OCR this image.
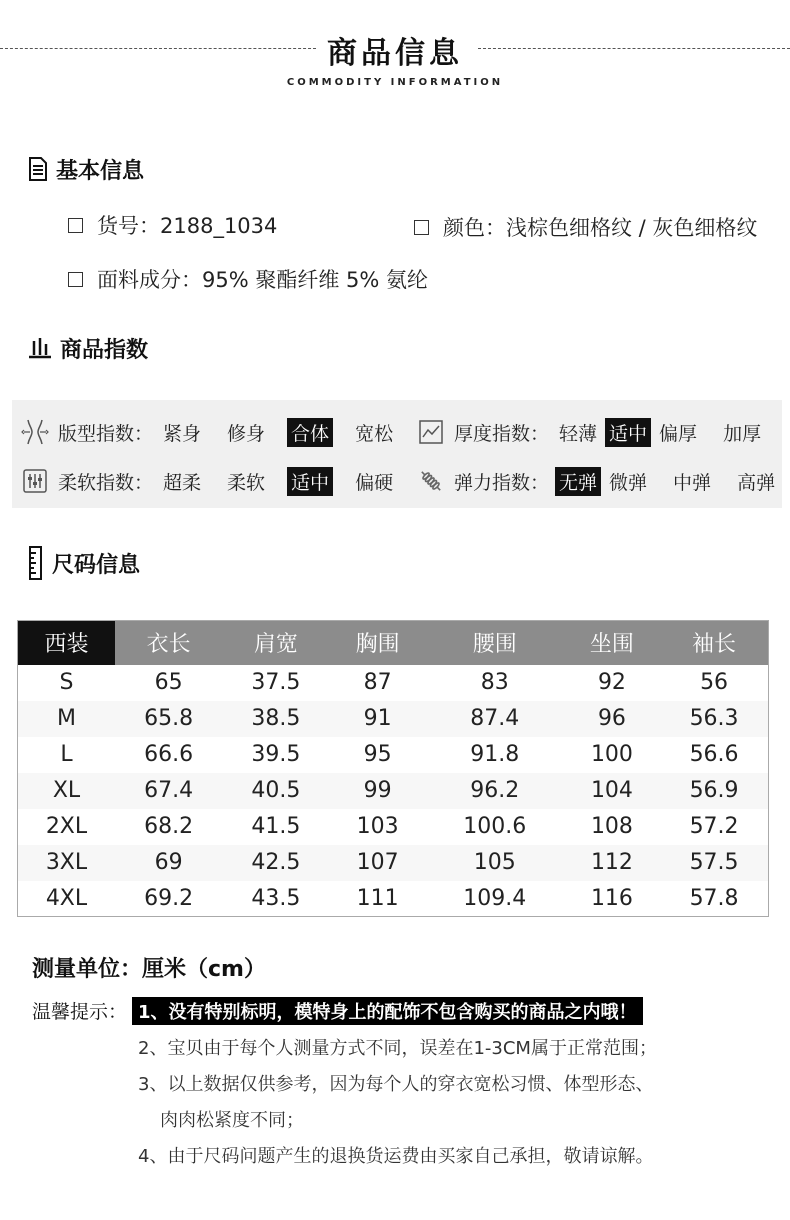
商品信息
COMMODITY INFORMATION
基本信息
货号：2188_1034	颜色：浅棕色细格纹 / 灰色细格纹
面料成分：95% 聚酯纤维 5% 氨纶
商品指数
版型指数： 紧身 修身 合体 宽松	厚度指数： 轻薄 适中 偏厚 加厚
柔软指数： 超柔 柔软 适中 偏硬	弹力指数： 无弹 微弹 中弹 高弹
尺码信息
西装	衣长	肩宽	胸围	腰围	坐围	袖长
S	65	37.5	87	83	92	56
M	65.8	38.5	91	87.4	96	56.3
L	66.6	39.5	95	91.8	100	56.6
XL	67.4	40.5	99	96.2	104	56.9
2XL	68.2	41.5	103	100.6	108	57.2
3XL	69	42.5	107	105	112	57.5
4XL	69.2	43.5	111	109.4	116	57.8
测量单位：厘米（cm）
温馨提示： 1、没有特别标明，模特身上的配饰不包含购买的商品之内哦！
2、宝贝由于每个人测量方式不同，误差在1-3CM属于正常范围；
3、以上数据仅供参考，因为每个人的穿衣宽松习惯、体型形态、
肉肉松紧度不同；
4、由于尺码问题产生的退换货运费由买家自己承担，敬请谅解。
